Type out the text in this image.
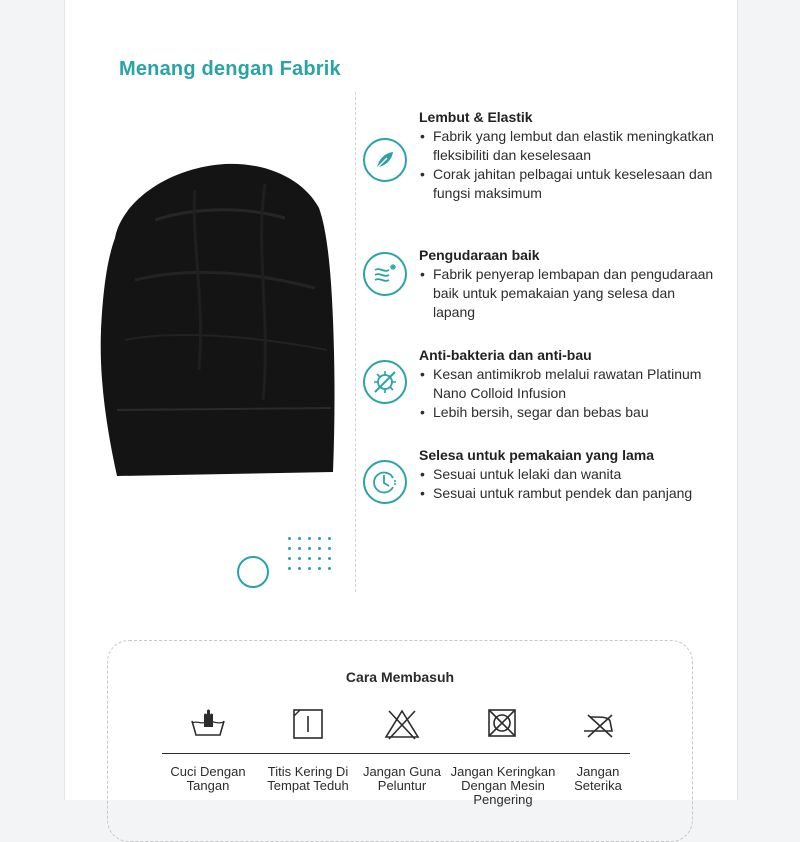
Menang dengan Fabrik
Lembut & Elastik
• Fabrik yang lembut dan elastik meningkatkan fleksibiliti dan keselesaan
• Corak jahitan pelbagai untuk keselesaan dan fungsi maksimum
Pengudaraan baik
• Fabrik penyerap lembapan dan pengudaraan baik untuk pemakaian yang selesa dan lapang
Anti-bakteria dan anti-bau
• Kesan antimikrob melalui rawatan Platinum Nano Colloid Infusion
• Lebih bersih, segar dan bebas bau
Selesa untuk pemakaian yang lama
• Sesuai untuk lelaki dan wanita
• Sesuai untuk rambut pendek dan panjang
Cara Membasuh
Cuci Dengan Tangan
Titis Kering Di Tempat Teduh
Jangan Guna Peluntur
Jangan Keringkan Dengan Mesin Pengering
Jangan Seterika
